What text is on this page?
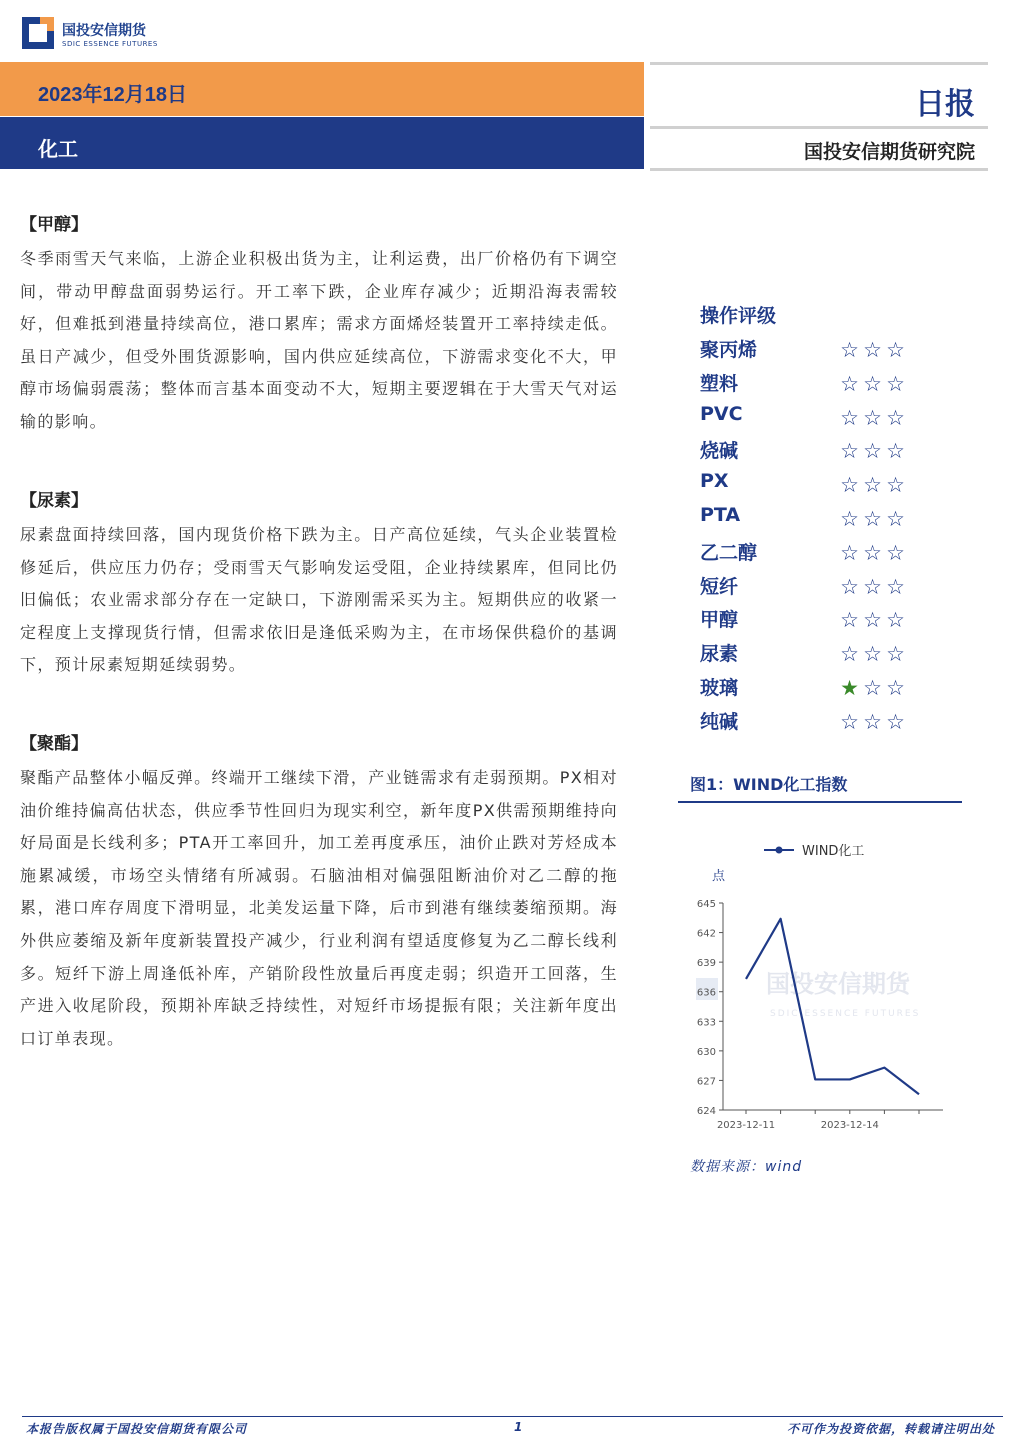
国投安信期货
SDIC ESSENCE FUTURES
2023年12月18日
化工
日报
国投安信期货研究院
【甲醇】
冬季雨雪天气来临，上游企业积极出货为主，让利运费，出厂价格仍有下调空间，带动甲醇盘面弱势运行。开工率下跌，企业库存减少；近期沿海表需较好，但难抵到港量持续高位，港口累库；需求方面烯烃装置开工率持续走低。虽日产减少，但受外围货源影响，国内供应延续高位，下游需求变化不大，甲醇市场偏弱震荡；整体而言基本面变动不大，短期主要逻辑在于大雪天气对运输的影响。
【尿素】
尿素盘面持续回落，国内现货价格下跌为主。日产高位延续，气头企业装置检修延后，供应压力仍存；受雨雪天气影响发运受阻，企业持续累库，但同比仍旧偏低；农业需求部分存在一定缺口，下游刚需采买为主。短期供应的收紧一定程度上支撑现货行情，但需求依旧是逢低采购为主，在市场保供稳价的基调下，预计尿素短期延续弱势。
【聚酯】
聚酯产品整体小幅反弹。终端开工继续下滑，产业链需求有走弱预期。PX相对油价维持偏高估状态，供应季节性回归为现实利空，新年度PX供需预期维持向好局面是长线利多；PTA开工率回升，加工差再度承压，油价止跌对芳烃成本施累减缓，市场空头情绪有所减弱。石脑油相对偏强阻断油价对乙二醇的拖累，港口库存周度下滑明显，北美发运量下降，后市到港有继续萎缩预期。海外供应萎缩及新年度新装置投产减少，行业利润有望适度修复为乙二醇长线利多。短纤下游上周逢低补库，产销阶段性放量后再度走弱；织造开工回落，生产进入收尾阶段，预期补库缺乏持续性，对短纤市场提振有限；关注新年度出口订单表现。
操作评级
聚丙烯	☆ ☆ ☆
塑料	☆ ☆ ☆
PVC	☆ ☆ ☆
烧碱	☆ ☆ ☆
PX	☆ ☆ ☆
PTA	☆ ☆ ☆
乙二醇	☆ ☆ ☆
短纤	☆ ☆ ☆
甲醇	☆ ☆ ☆
尿素	☆ ☆ ☆
玻璃	★ ☆ ☆
纯碱	☆ ☆ ☆
图1：WIND化工指数
国投安信期货
SDIC ESSENCE FUTURES
WIND化工
点
624
627
630
633
636
639
642
645
2023-12-11	2023-12-14
数据来源：wind
本报告版权属于国投安信期货有限公司	1	不可作为投资依据，转载请注明出处
